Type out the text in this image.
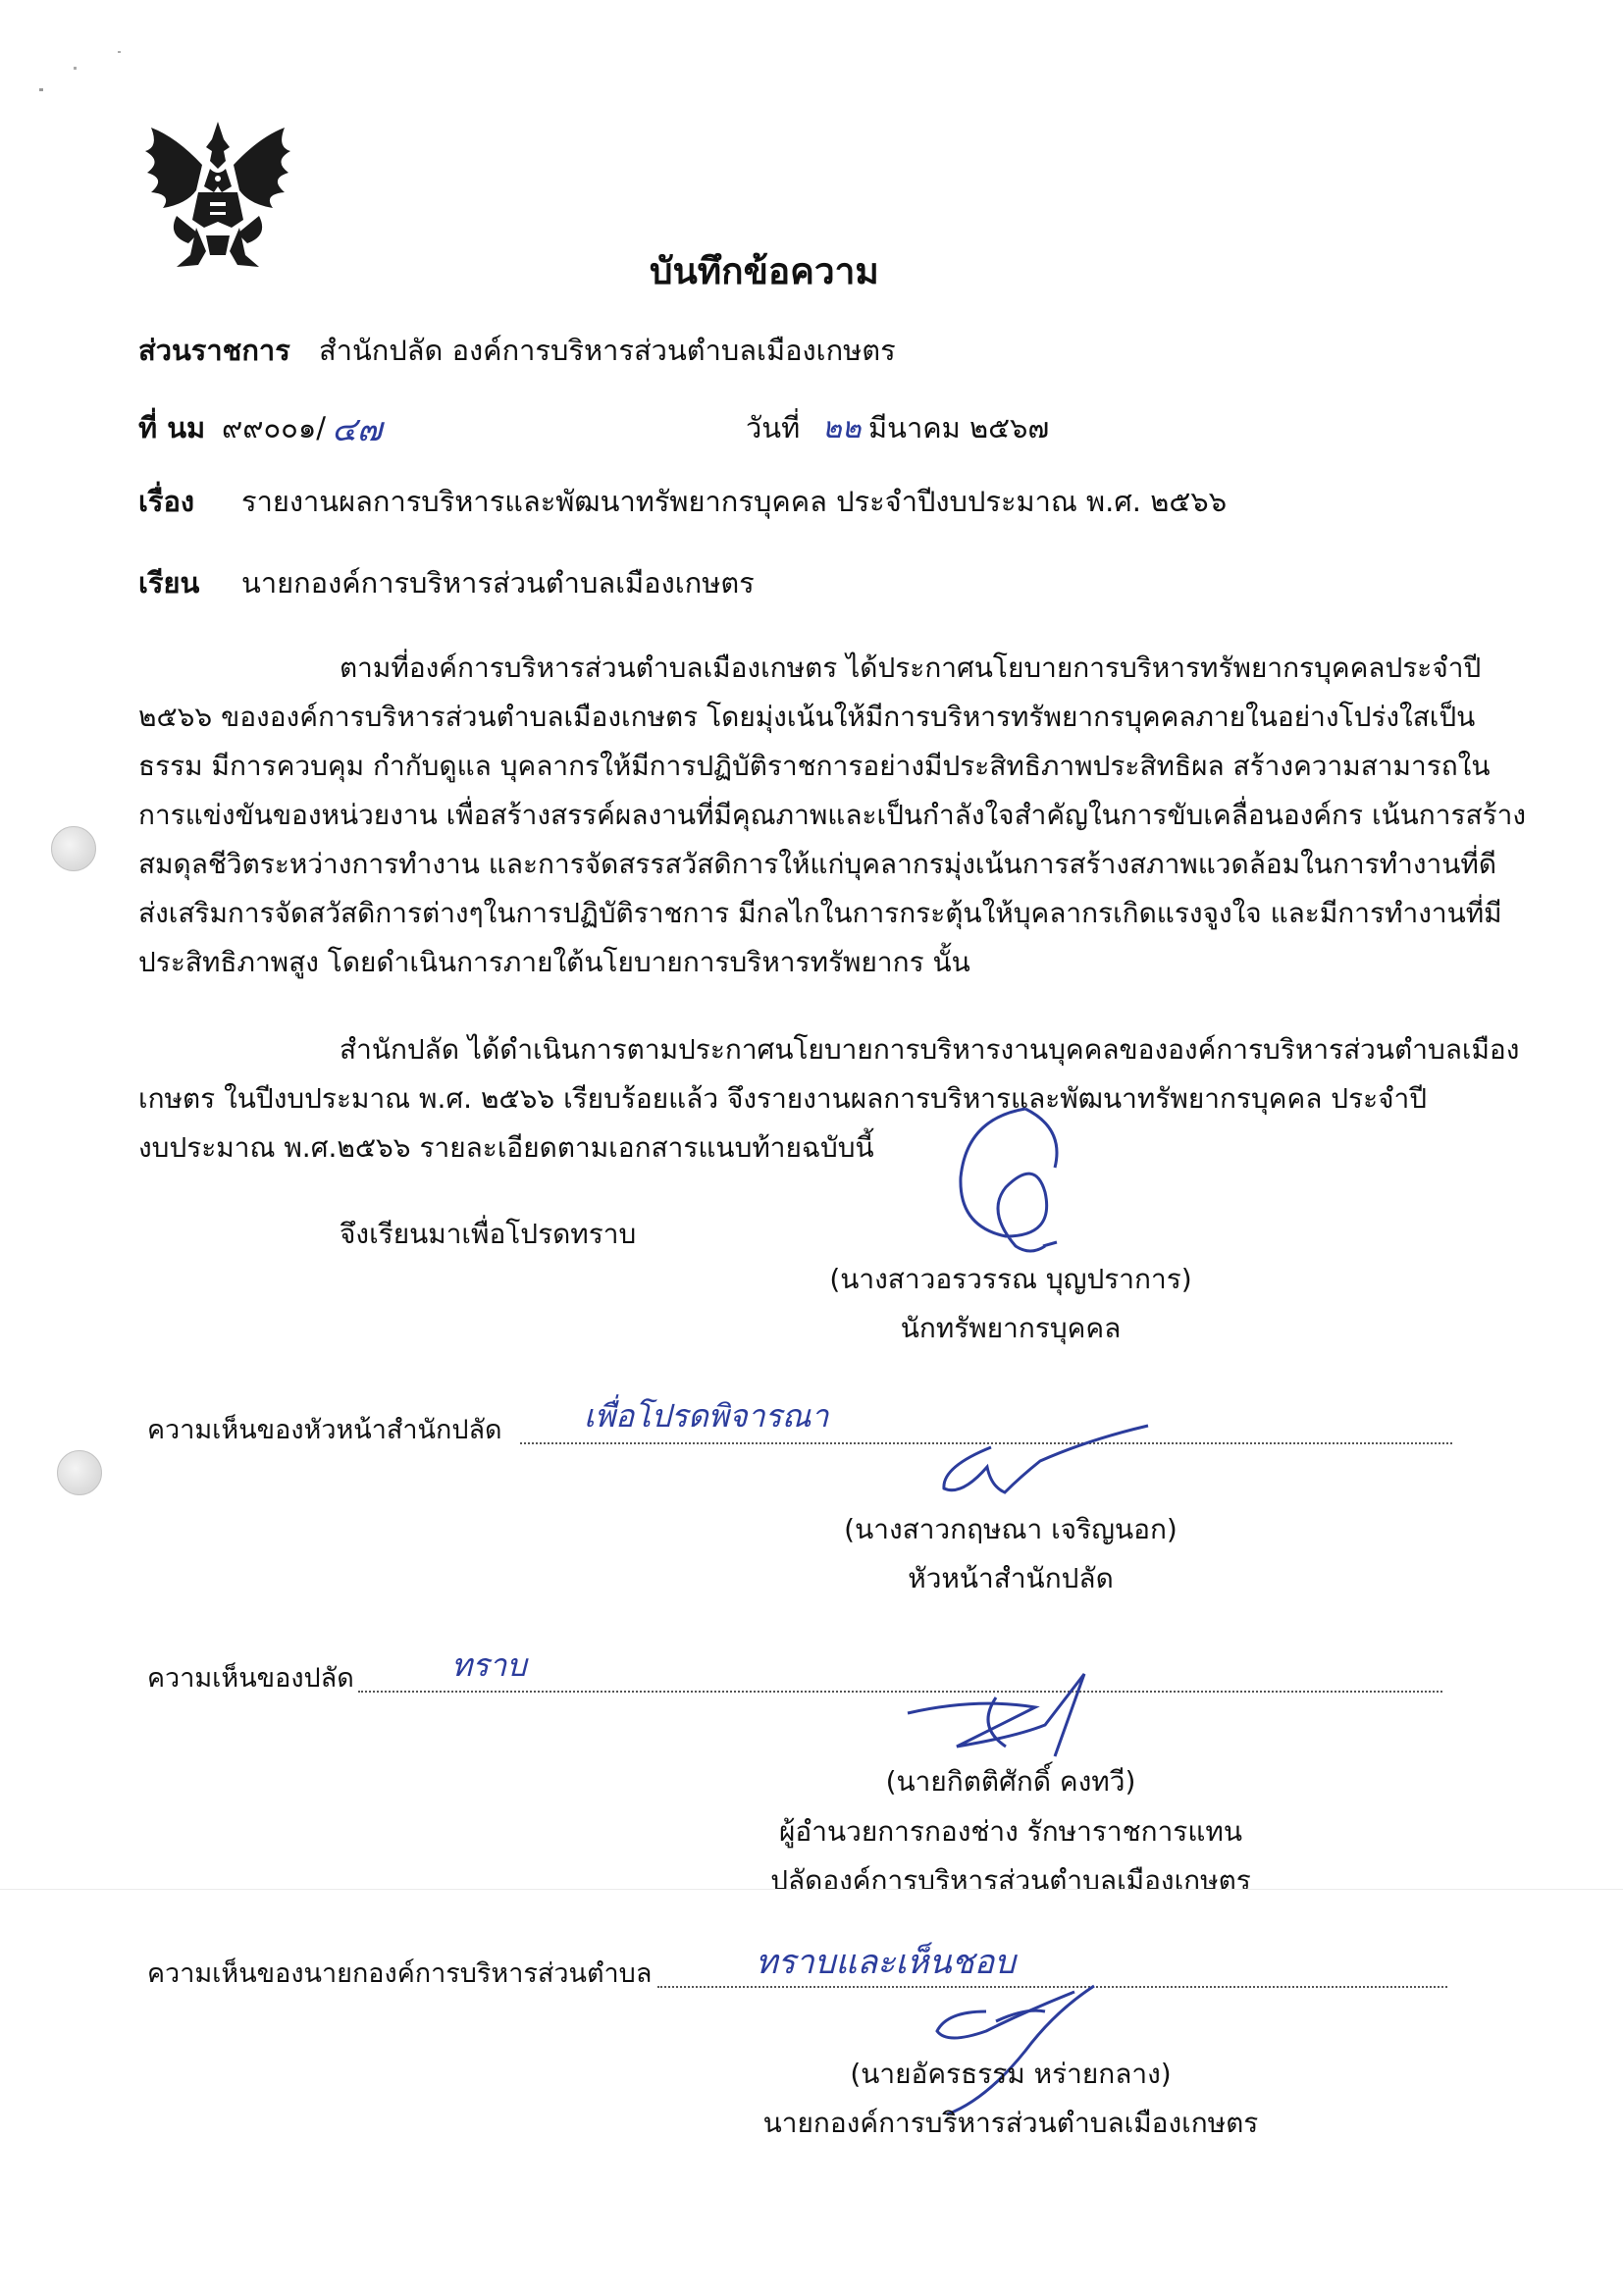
บันทึกข้อความ
ส่วนราชการ สำนักปลัด องค์การบริหารส่วนตำบลเมืองเกษตร
ที่ นม ๙๙๐๐๑/ ๔๗	วันที่ ๒๒ มีนาคม ๒๕๖๗
เรื่อง รายงานผลการบริหารและพัฒนาทรัพยากรบุคคล ประจำปีงบประมาณ พ.ศ. ๒๕๖๖
เรียน นายกองค์การบริหารส่วนตำบลเมืองเกษตร
ตามที่องค์การบริหารส่วนตำบลเมืองเกษตร ได้ประกาศนโยบายการบริหารทรัพยากรบุคคลประจำปี
๒๕๖๖ ขององค์การบริหารส่วนตำบลเมืองเกษตร โดยมุ่งเน้นให้มีการบริหารทรัพยากรบุคคลภายในอย่างโปร่งใสเป็น
ธรรม มีการควบคุม กำกับดูแล บุคลากรให้มีการปฏิบัติราชการอย่างมีประสิทธิภาพประสิทธิผล สร้างความสามารถใน
การแข่งขันของหน่วยงาน เพื่อสร้างสรรค์ผลงานที่มีคุณภาพและเป็นกำลังใจสำคัญในการขับเคลื่อนองค์กร เน้นการสร้าง
สมดุลชีวิตระหว่างการทำงาน และการจัดสรรสวัสดิการให้แก่บุคลากรมุ่งเน้นการสร้างสภาพแวดล้อมในการทำงานที่ดี
ส่งเสริมการจัดสวัสดิการต่างๆในการปฏิบัติราชการ มีกลไกในการกระตุ้นให้บุคลากรเกิดแรงจูงใจ และมีการทำงานที่มี
ประสิทธิภาพสูง โดยดำเนินการภายใต้นโยบายการบริหารทรัพยากร นั้น
สำนักปลัด ได้ดำเนินการตามประกาศนโยบายการบริหารงานบุคคลขององค์การบริหารส่วนตำบลเมือง
เกษตร ในปีงบประมาณ พ.ศ. ๒๕๖๖ เรียบร้อยแล้ว จึงรายงานผลการบริหารและพัฒนาทรัพยากรบุคคล ประจำปี
งบประมาณ พ.ศ.๒๕๖๖ รายละเอียดตามเอกสารแนบท้ายฉบับนี้
จึงเรียนมาเพื่อโปรดทราบ
(นางสาวอรวรรณ บุญปราการ)
นักทรัพยากรบุคคล
ความเห็นของหัวหน้าสำนักปลัด	เพื่อโปรดพิจารณา
(นางสาวกฤษณา เจริญนอก)
หัวหน้าสำนักปลัด
ความเห็นของปลัด	ทราบ
(นายกิตติศักดิ์ คงทวี)
ผู้อำนวยการกองช่าง รักษาราชการแทน
ปลัดองค์การบริหารส่วนตำบลเมืองเกษตร
ความเห็นของนายกองค์การบริหารส่วนตำบล	ทราบและเห็นชอบ
(นายอัครธรรม หร่ายกลาง)
นายกองค์การบริหารส่วนตำบลเมืองเกษตร
